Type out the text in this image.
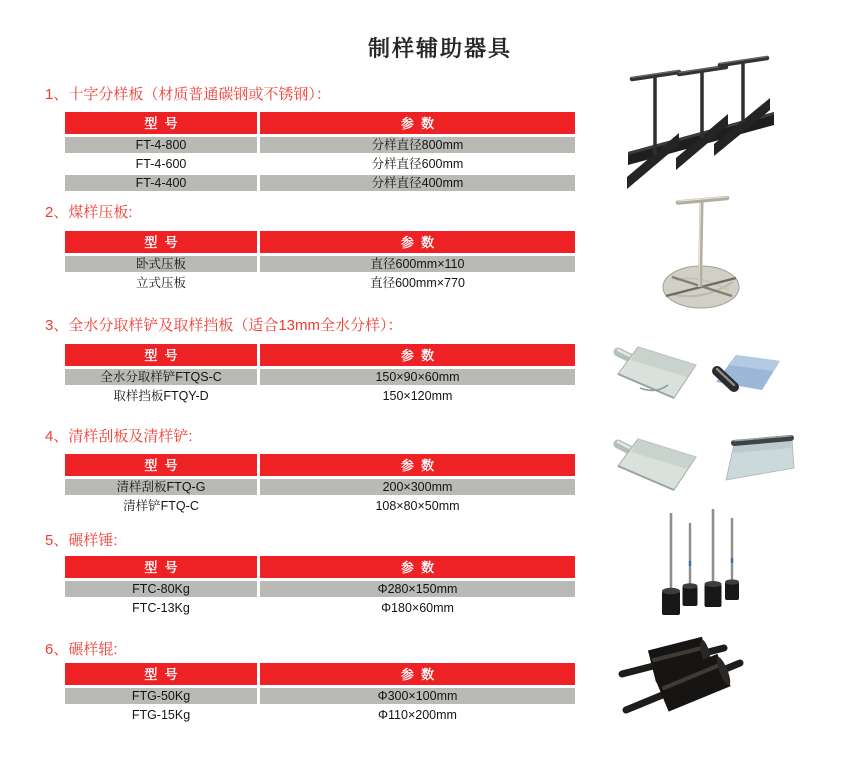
制样辅助器具
1、十字分样板（材质普通碳钢或不锈钢）：
型  号	参  数
FT-4-800	分样直径800mm
FT-4-600	分样直径600mm
FT-4-400	分样直径400mm
2、煤样压板:
型  号	参  数
卧式压板	直径600mm×110
立式压板	直径600mm×770
3、全水分取样铲及取样挡板（适合13mm全水分样）：
型  号	参  数
全水分取样铲FTQS-C	150×90×60mm
取样挡板FTQY-D	150×120mm
4、清样刮板及清样铲:
型  号	参  数
清样刮板FTQ-G	200×300mm
清样铲FTQ-C	108×80×50mm
5、碾样锤:
型  号	参  数
FTC-80Kg	Φ280×150mm
FTC-13Kg	Φ180×60mm
6、碾样辊:
型  号	参  数
FTG-50Kg	Φ300×100mm
FTG-15Kg	Φ110×200mm
